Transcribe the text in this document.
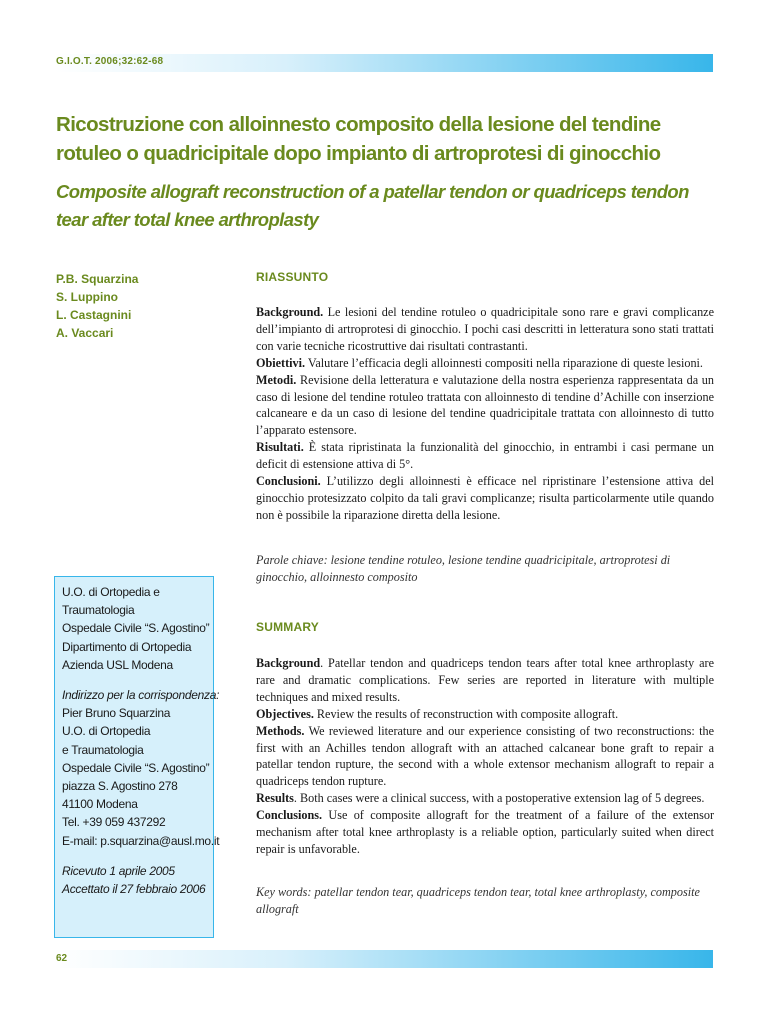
G.I.O.T. 2006;32:62-68
Ricostruzione con alloinnesto composito della lesione del tendine rotuleo o quadricipitale dopo impianto di artroprotesi di ginocchio
Composite allograft reconstruction of a patellar tendon or quadriceps tendon tear after total knee arthroplasty
P.B. Squarzina
S. Luppino
L. Castagnini
A. Vaccari
U.O. di Ortopedia e
Traumatologia
Ospedale Civile “S. Agostino”
Dipartimento di Ortopedia
Azienda USL Modena
Indirizzo per la corrispondenza:
Pier Bruno Squarzina
U.O. di Ortopedia
e Traumatologia
Ospedale Civile “S. Agostino”
piazza S. Agostino 278
41100 Modena
Tel. +39 059 437292
E-mail: p.squarzina@ausl.mo.it
Ricevuto 1 aprile 2005
Accettato il 27 febbraio 2006
RIASSUNTO

Background. Le lesioni del tendine rotuleo o quadricipitale sono rare e gravi complicanze dell’impianto di artroprotesi di ginocchio. I pochi casi descritti in letteratura sono stati trattati con varie tecniche ricostruttive dai risultati contrastanti.

Obiettivi. Valutare l’efficacia degli alloinnesti compositi nella riparazione di queste lesioni.

Metodi. Revisione della letteratura e valutazione della nostra esperienza rappresentata da un caso di lesione del tendine rotuleo trattata con alloinnesto di tendine d’Achille con inserzione calcaneare e da un caso di lesione del tendine quadricipitale trattata con alloinnesto di tutto l’apparato estensore.

Risultati. È stata ripristinata la funzionalità del ginocchio, in entrambi i casi permane un deficit di estensione attiva di 5°.

Conclusioni. L’utilizzo degli alloinnesti è efficace nel ripristinare l’estensione attiva del ginocchio protesizzato colpito da tali gravi complicanze; risulta particolarmente utile quando non è possibile la riparazione diretta della lesione.

Parole chiave: lesione tendine rotuleo, lesione tendine quadricipitale, artroprotesi di ginocchio, alloinnesto composito
SUMMARY

Background. Patellar tendon and quadriceps tendon tears after total knee arthroplasty are rare and dramatic complications. Few series are reported in literature with multiple techniques and mixed results.

Objectives. Review the results of reconstruction with composite allograft.

Methods. We reviewed literature and our experience consisting of two reconstructions: the first with an Achilles tendon allograft with an attached calcanear bone graft to repair a patellar tendon rupture, the second with a whole extensor mechanism allograft to repair a quadriceps tendon rupture.

Results. Both cases were a clinical success, with a postoperative extension lag of 5 degrees.

Conclusions. Use of composite allograft for the treatment of a failure of the extensor mechanism after total knee arthroplasty is a reliable option, particularly suited when direct repair is unfavorable.

Key words: patellar tendon tear, quadriceps tendon tear, total knee arthroplasty, composite allograft
62
